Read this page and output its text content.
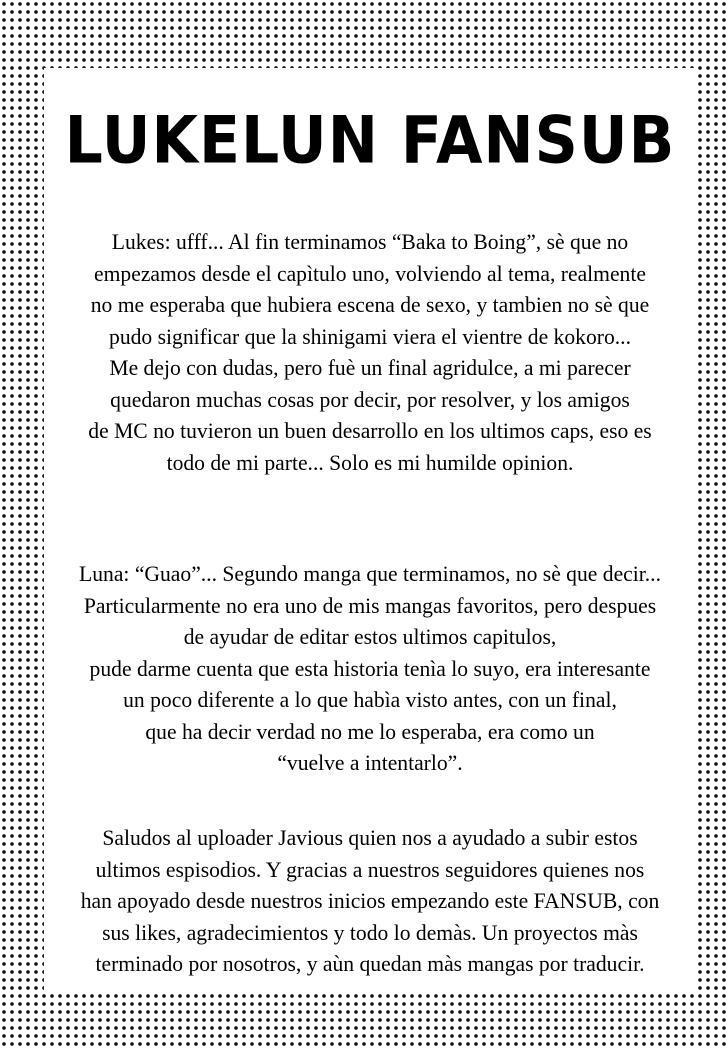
LUKELUN FANSUB
Lukes: ufff... Al fin terminamos “Baka to Boing”, sè que no
empezamos desde el capìtulo uno, volviendo al tema, realmente
no me esperaba que hubiera escena de sexo, y tambien no sè que
pudo significar que la shinigami viera el vientre de kokoro...
Me dejo con dudas, pero fuè un final agridulce, a mi parecer
quedaron muchas cosas por decir, por resolver, y los amigos
de MC no tuvieron un buen desarrollo en los ultimos caps, eso es
todo de mi parte... Solo es mi humilde opinion.
Luna: “Guao”... Segundo manga que terminamos, no sè que decir...
Particularmente no era uno de mis mangas favoritos, pero despues
de ayudar de editar estos ultimos capitulos,
pude darme cuenta que esta historia tenìa lo suyo, era interesante
un poco diferente a lo que habìa visto antes, con un final,
que ha decir verdad no me lo esperaba, era como un
“vuelve a intentarlo”.
Saludos al uploader Javious quien nos a ayudado a subir estos
ultimos espisodios. Y gracias a nuestros seguidores quienes nos
han apoyado desde nuestros inicios empezando este FANSUB, con
sus likes, agradecimientos y todo lo demàs. Un proyectos màs
terminado por nosotros, y aùn quedan màs mangas por traducir.
